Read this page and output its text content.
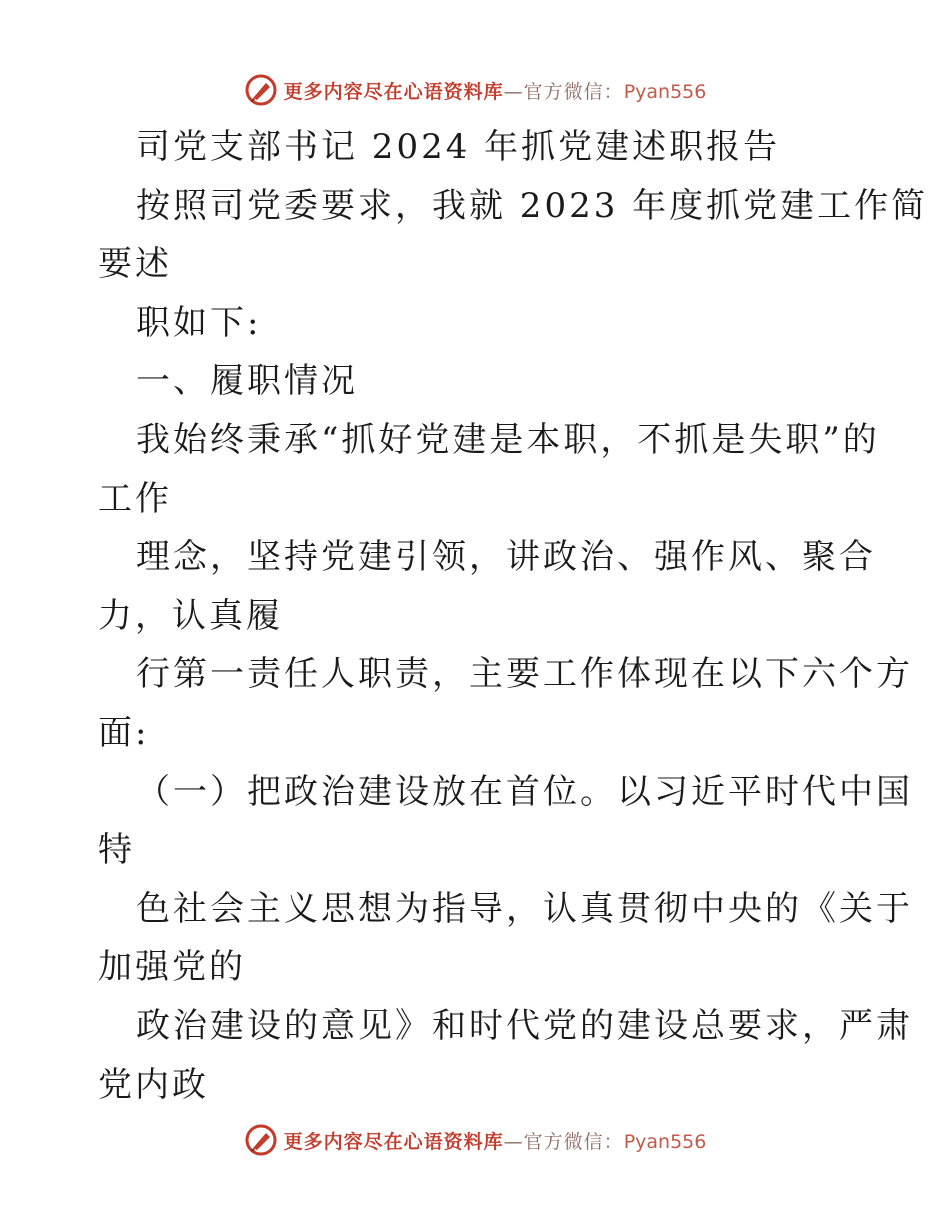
更多内容尽在心语资料库—官方微信：Pyan556
司党支部书记 2024 年抓党建述职报告
按照司党委要求，我就 2023 年度抓党建工作简
要述
职如下:
一、履职情况
我始终秉承“抓好党建是本职，不抓是失职”的
工作
理念，坚持党建引领，讲政治、强作风、聚合
力，认真履
行第一责任人职责，主要工作体现在以下六个方
面:
（一）把政治建设放在首位。以习近平时代中国
特
色社会主义思想为指导，认真贯彻中央的《关于
加强党的
政治建设的意见》和时代党的建设总要求，严肃
党内政
更多内容尽在心语资料库—官方微信：Pyan556
